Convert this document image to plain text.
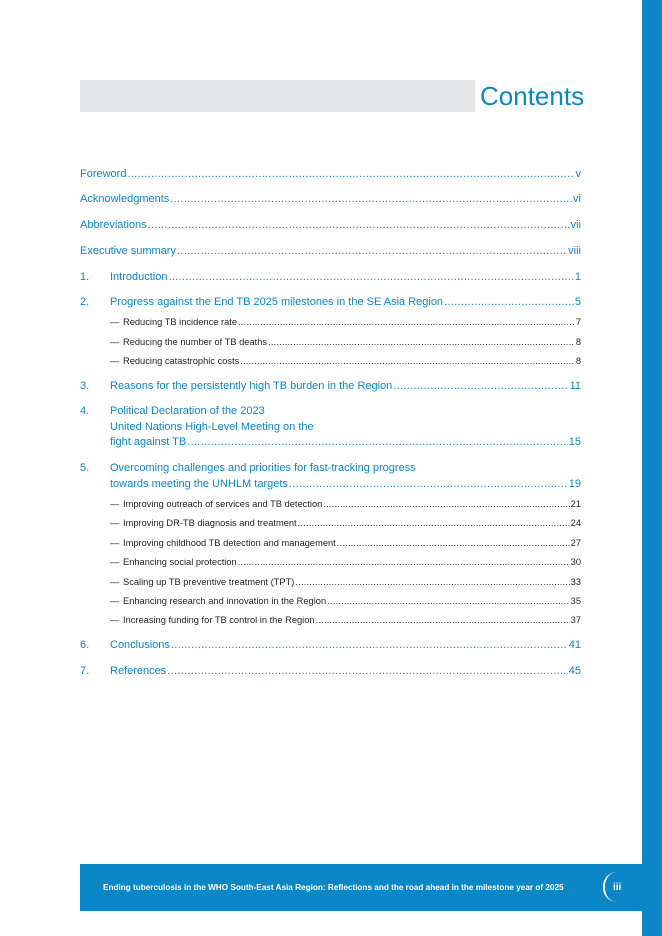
Contents
Foreword .....	v
Acknowledgments .....	vi
Abbreviations .....	vii
Executive summary .....	viii
1.	Introduction .....	1
2.	Progress against the End TB 2025 milestones in the SE Asia Region .....	5
— Reducing TB incidence rate .....	7
— Reducing the number of TB deaths .....	8
— Reducing catastrophic costs .....	8
3.	Reasons for the persistently high TB burden in the Region .....	11
4.	Political Declaration of the 2023
United Nations High-Level Meeting on the
fight against TB .....	15
5.	Overcoming challenges and priorities for fast-tracking progress
towards meeting the UNHLM targets .....	19
— Improving outreach of services and TB detection .....	21
— Improving DR-TB diagnosis and treatment .....	24
— Improving childhood TB detection and management .....	27
— Enhancing social protection .....	30
— Scaling up TB preventive treatment (TPT) .....	33
— Enhancing research and innovation in the Region .....	35
— Increasing funding for TB control in the Region .....	37
6.	Conclusions .....	41
7.	References .....	45
Ending tuberculosis in the WHO South-East Asia Region: Reflections and the road ahead in the milestone year of 2025	iii
